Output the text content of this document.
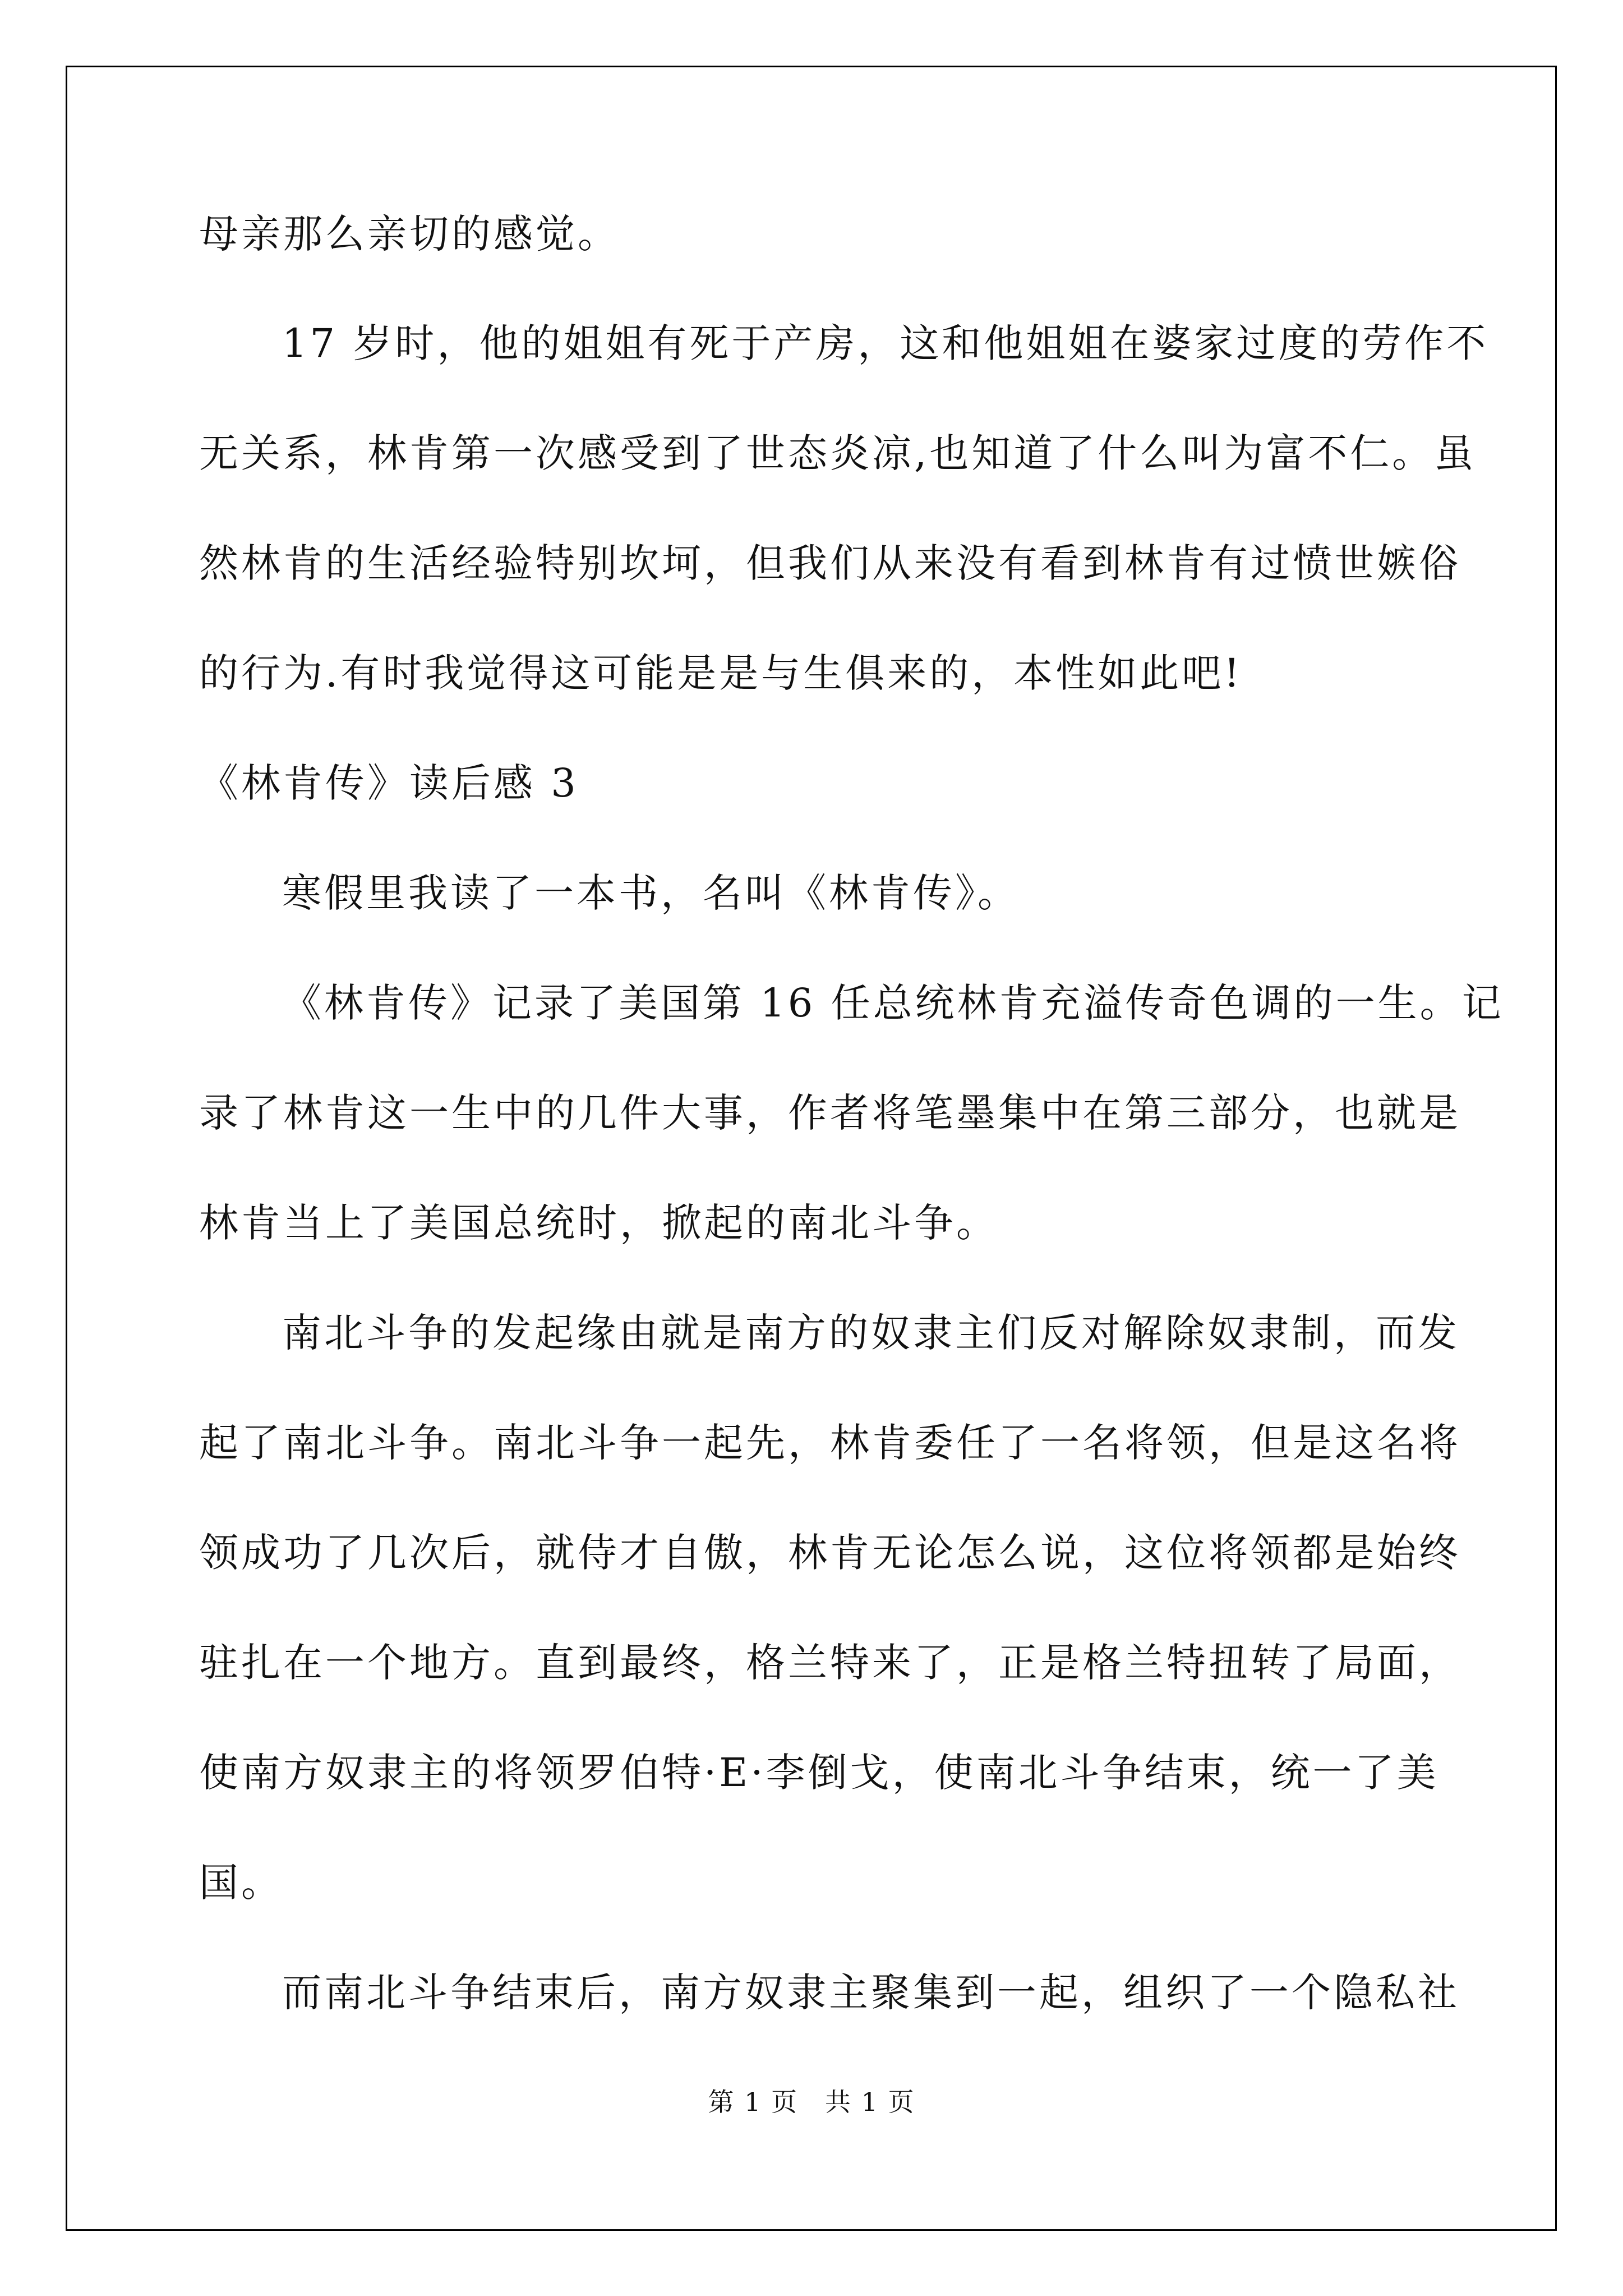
母亲那么亲切的感觉。
17 岁时，他的姐姐有死于产房，这和他姐姐在婆家过度的劳作不
无关系，林肯第一次感受到了世态炎凉,也知道了什么叫为富不仁。虽
然林肯的生活经验特别坎坷，但我们从来没有看到林肯有过愤世嫉俗
的行为.有时我觉得这可能是是与生俱来的，本性如此吧!
《林肯传》读后感 3
寒假里我读了一本书，名叫《林肯传》。
《林肯传》记录了美国第 16 任总统林肯充溢传奇色调的一生。记
录了林肯这一生中的几件大事，作者将笔墨集中在第三部分，也就是
林肯当上了美国总统时，掀起的南北斗争。
南北斗争的发起缘由就是南方的奴隶主们反对解除奴隶制，而发
起了南北斗争。南北斗争一起先，林肯委任了一名将领，但是这名将
领成功了几次后，就侍才自傲，林肯无论怎么说，这位将领都是始终
驻扎在一个地方。直到最终，格兰特来了，正是格兰特扭转了局面，
使南方奴隶主的将领罗伯特·E·李倒戈，使南北斗争结束，统一了美
国。
而南北斗争结束后，南方奴隶主聚集到一起，组织了一个隐私社
第 1 页　共 1 页
